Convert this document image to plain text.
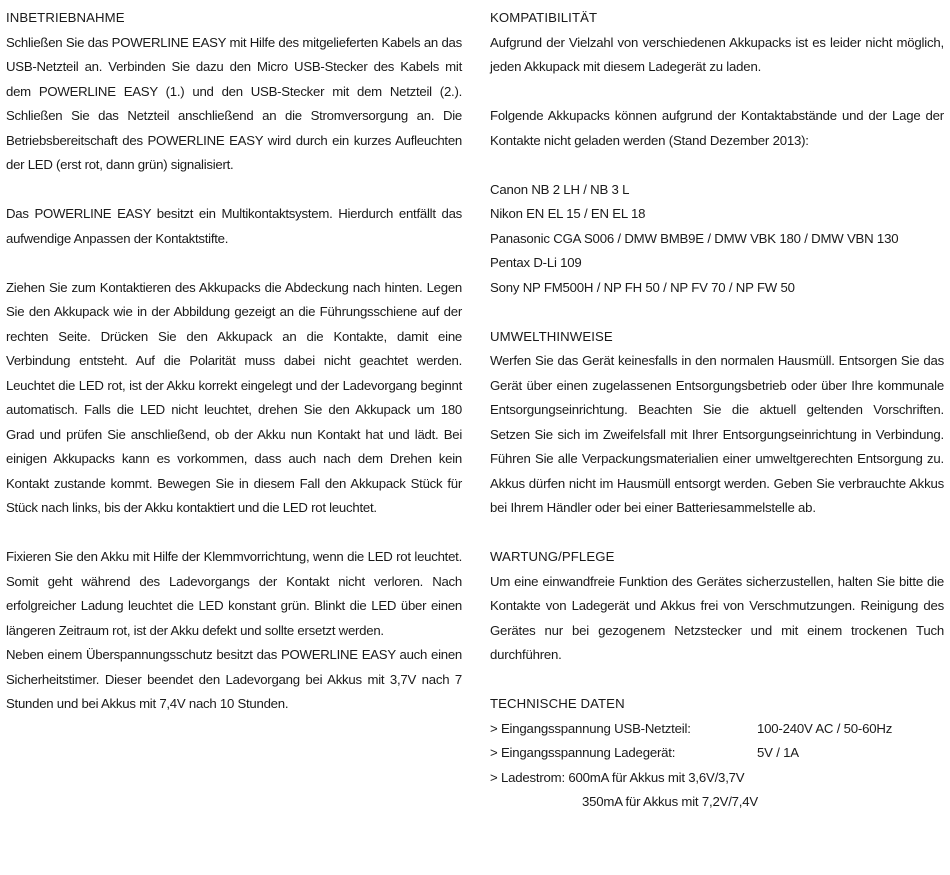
INBETRIEBNAHME

Schließen Sie das POWERLINE EASY mit Hilfe des mitgelieferten Kabels an das USB-Netzteil an. Verbinden Sie dazu den Micro USB-Stecker des Kabels mit dem POWERLINE EASY (1.) und den USB-Stecker mit dem Netzteil (2.). Schließen Sie das Netzteil anschließend an die Stromversorgung an. Die Betriebsbereitschaft des POWERLINE EASY wird durch ein kurzes Aufleuchten der LED (erst rot, dann grün) signalisiert.

Das POWERLINE EASY besitzt ein Multikontaktsystem. Hierdurch entfällt das aufwendige Anpassen der Kontaktstifte.

Ziehen Sie zum Kontaktieren des Akkupacks die Abdeckung nach hinten. Legen Sie den Akkupack wie in der Abbildung gezeigt an die Führungsschiene auf der rechten Seite. Drücken Sie den Akkupack an die Kontakte, damit eine Verbindung entsteht. Auf die Polarität muss dabei nicht geachtet werden. Leuchtet die LED rot, ist der Akku korrekt eingelegt und der Ladevorgang beginnt automatisch. Falls die LED nicht leuchtet, drehen Sie den Akkupack um 180 Grad und prüfen Sie anschließend, ob der Akku nun Kontakt hat und lädt. Bei einigen Akkupacks kann es vorkommen, dass auch nach dem Drehen kein Kontakt zustande kommt. Bewegen Sie in diesem Fall den Akkupack Stück für Stück nach links, bis der Akku kontaktiert und die LED rot leuchtet.

Fixieren Sie den Akku mit Hilfe der Klemmvorrichtung, wenn die LED rot leuchtet. Somit geht während des Ladevorgangs der Kontakt nicht verloren. Nach erfolgreicher Ladung leuchtet die LED konstant grün. Blinkt die LED über einen längeren Zeitraum rot, ist der Akku defekt und sollte ersetzt werden.

Neben einem Überspannungsschutz besitzt das POWERLINE EASY auch einen Sicherheitstimer. Dieser beendet den Ladevorgang bei Akkus mit 3,7V nach 7 Stunden und bei Akkus mit 7,4V nach 10 Stunden.

KOMPATIBILITÄT

Aufgrund der Vielzahl von verschiedenen Akkupacks ist es leider nicht möglich, jeden Akkupack mit diesem Ladegerät zu laden.

Folgende Akkupacks können aufgrund der Kontaktabstände und der Lage der Kontakte nicht geladen werden (Stand Dezember 2013):

Canon NB 2 LH / NB 3 L
Nikon EN EL 15 / EN EL 18
Panasonic CGA S006 / DMW BMB9E / DMW VBK 180 / DMW VBN 130
Pentax D-Li 109
Sony NP FM500H / NP FH 50 / NP FV 70 / NP FW 50
UMWELTHINWEISE

Werfen Sie das Gerät keinesfalls in den normalen Hausmüll. Entsorgen Sie das Gerät über einen zugelassenen Entsorgungsbetrieb oder über Ihre kommunale Entsorgungseinrichtung. Beachten Sie die aktuell geltenden Vorschriften. Setzen Sie sich im Zweifelsfall mit Ihrer Entsorgungseinrichtung in Verbindung. Führen Sie alle Verpackungsmaterialien einer umweltgerechten Entsorgung zu. Akkus dürfen nicht im Hausmüll entsorgt werden. Geben Sie verbrauchte Akkus bei Ihrem Händler oder bei einer Batteriesammelstelle ab.

WARTUNG/PFLEGE

Um eine einwandfreie Funktion des Gerätes sicherzustellen, halten Sie bitte die Kontakte von Ladegerät und Akkus frei von Verschmutzungen. Reinigung des Gerätes nur bei gezogenem Netzstecker und mit einem trockenen Tuch durchführen.

TECHNISCHE DATEN
> Eingangsspannung USB-Netzteil:	100-240V AC / 50-60Hz
> Eingangsspannung Ladegerät:	5V / 1A
> Ladestrom: 600mA für Akkus mit 3,6V/3,7V
350mA für Akkus mit 7,2V/7,4V
